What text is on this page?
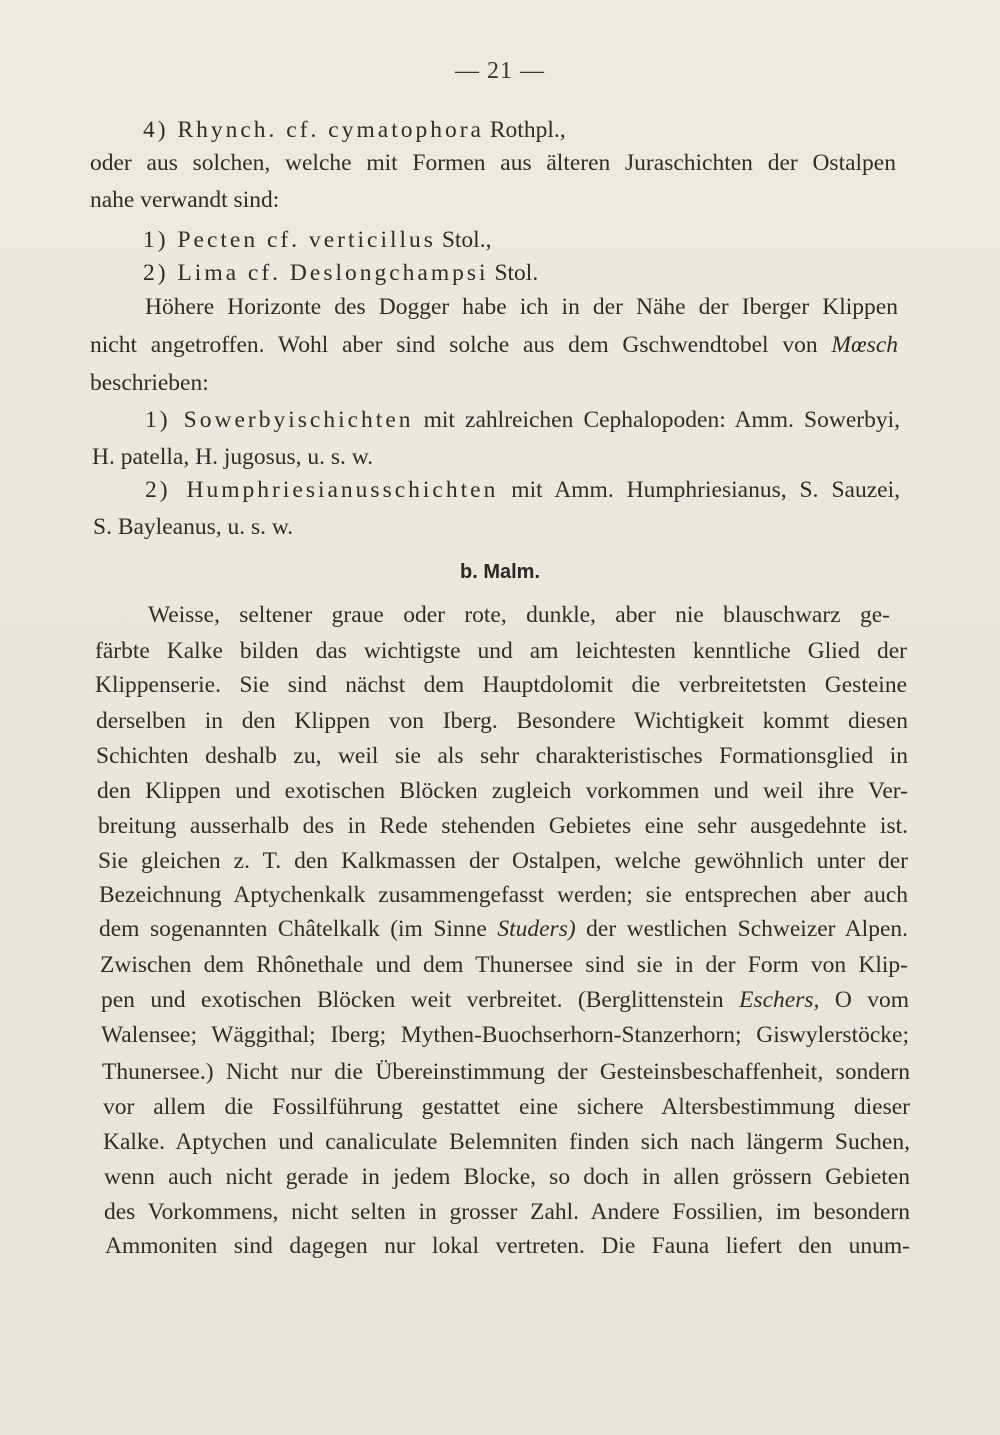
— 21 —
4) Rhynch. cf. cymatophora Rothpl.,
oder aus solchen, welche mit Formen aus älteren Juraschichten der Ostalpen
nahe verwandt sind:
1) Pecten cf. verticillus Stol.,
2) Lima cf. Deslongchampsi Stol.
Höhere Horizonte des Dogger habe ich in der Nähe der Iberger Klippen
nicht angetroffen. Wohl aber sind solche aus dem Gschwendtobel von Mœsch
beschrieben:
1) Sowerbyischichten mit zahlreichen Cephalopoden: Amm. Sowerbyi,
H. patella, H. jugosus, u. s. w.
2) Humphriesianusschichten mit Amm. Humphriesianus, S. Sauzei,
S. Bayleanus, u. s. w.
b. Malm.
Weisse, seltener graue oder rote, dunkle, aber nie blauschwarz ge-
färbte Kalke bilden das wichtigste und am leichtesten kenntliche Glied der
Klippenserie. Sie sind nächst dem Hauptdolomit die verbreitetsten Gesteine
derselben in den Klippen von Iberg. Besondere Wichtigkeit kommt diesen
Schichten deshalb zu, weil sie als sehr charakteristisches Formationsglied in
den Klippen und exotischen Blöcken zugleich vorkommen und weil ihre Ver-
breitung ausserhalb des in Rede stehenden Gebietes eine sehr ausgedehnte ist.
Sie gleichen z. T. den Kalkmassen der Ostalpen, welche gewöhnlich unter der
Bezeichnung Aptychenkalk zusammengefasst werden; sie entsprechen aber auch
dem sogenannten Châtelkalk (im Sinne Studers) der westlichen Schweizer Alpen.
Zwischen dem Rhônethale und dem Thunersee sind sie in der Form von Klip-
pen und exotischen Blöcken weit verbreitet. (Berglittenstein Eschers, O vom
Walensee; Wäggithal; Iberg; Mythen-Buochserhorn-Stanzerhorn; Giswylerstöcke;
Thunersee.) Nicht nur die Übereinstimmung der Gesteinsbeschaffenheit, sondern
vor allem die Fossilführung gestattet eine sichere Altersbestimmung dieser
Kalke. Aptychen und canaliculate Belemniten finden sich nach längerm Suchen,
wenn auch nicht gerade in jedem Blocke, so doch in allen grössern Gebieten
des Vorkommens, nicht selten in grosser Zahl. Andere Fossilien, im besondern
Ammoniten sind dagegen nur lokal vertreten. Die Fauna liefert den unum-
